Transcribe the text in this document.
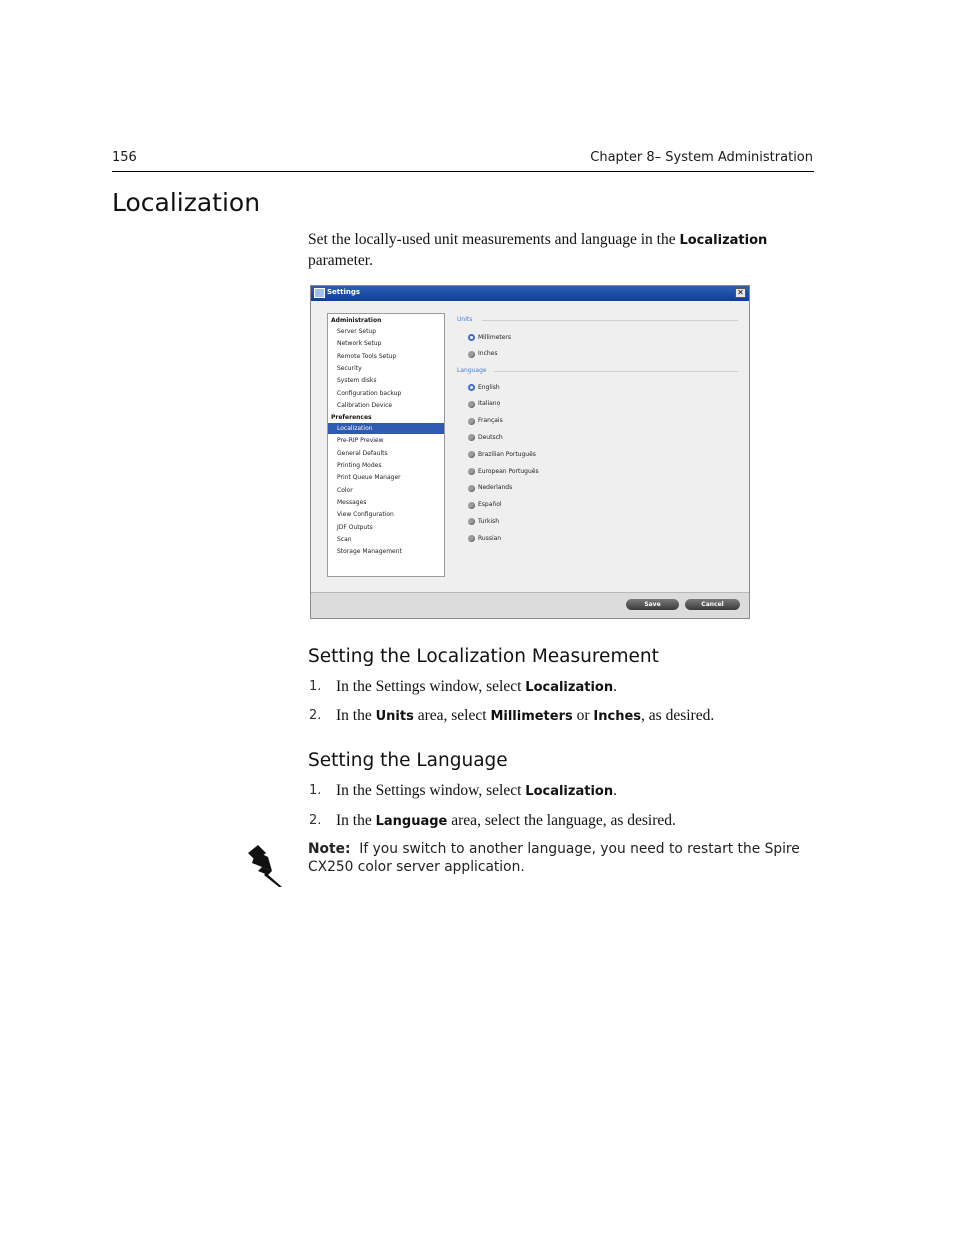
156	Chapter 8– System Administration
Localization
Set the locally-used unit measurements and language in the Localization parameter.
Settings	✕
Administration
Server Setup
Network Setup
Remote Tools Setup
Security
System disks
Configuration backup
Calibration Device
Preferences
Localization
Pre-RIP Preview
General Defaults
Printing Modes
Print Queue Manager
Color
Messages
View Configuration
JDF Outputs
Scan
Storage Management
Units
Millimeters
Inches
Language
English
Italiano
Français
Deutsch
Brazilian Português
European Português
Nederlands
Español
Turkish
Russian
Save	Cancel
Setting the Localization Measurement
1. In the Settings window, select Localization.
2. In the Units area, select Millimeters or Inches, as desired.
Setting the Language
1. In the Settings window, select Localization.
2. In the Language area, select the language, as desired.
Note: If you switch to another language, you need to restart the Spire CX250 color server application.
